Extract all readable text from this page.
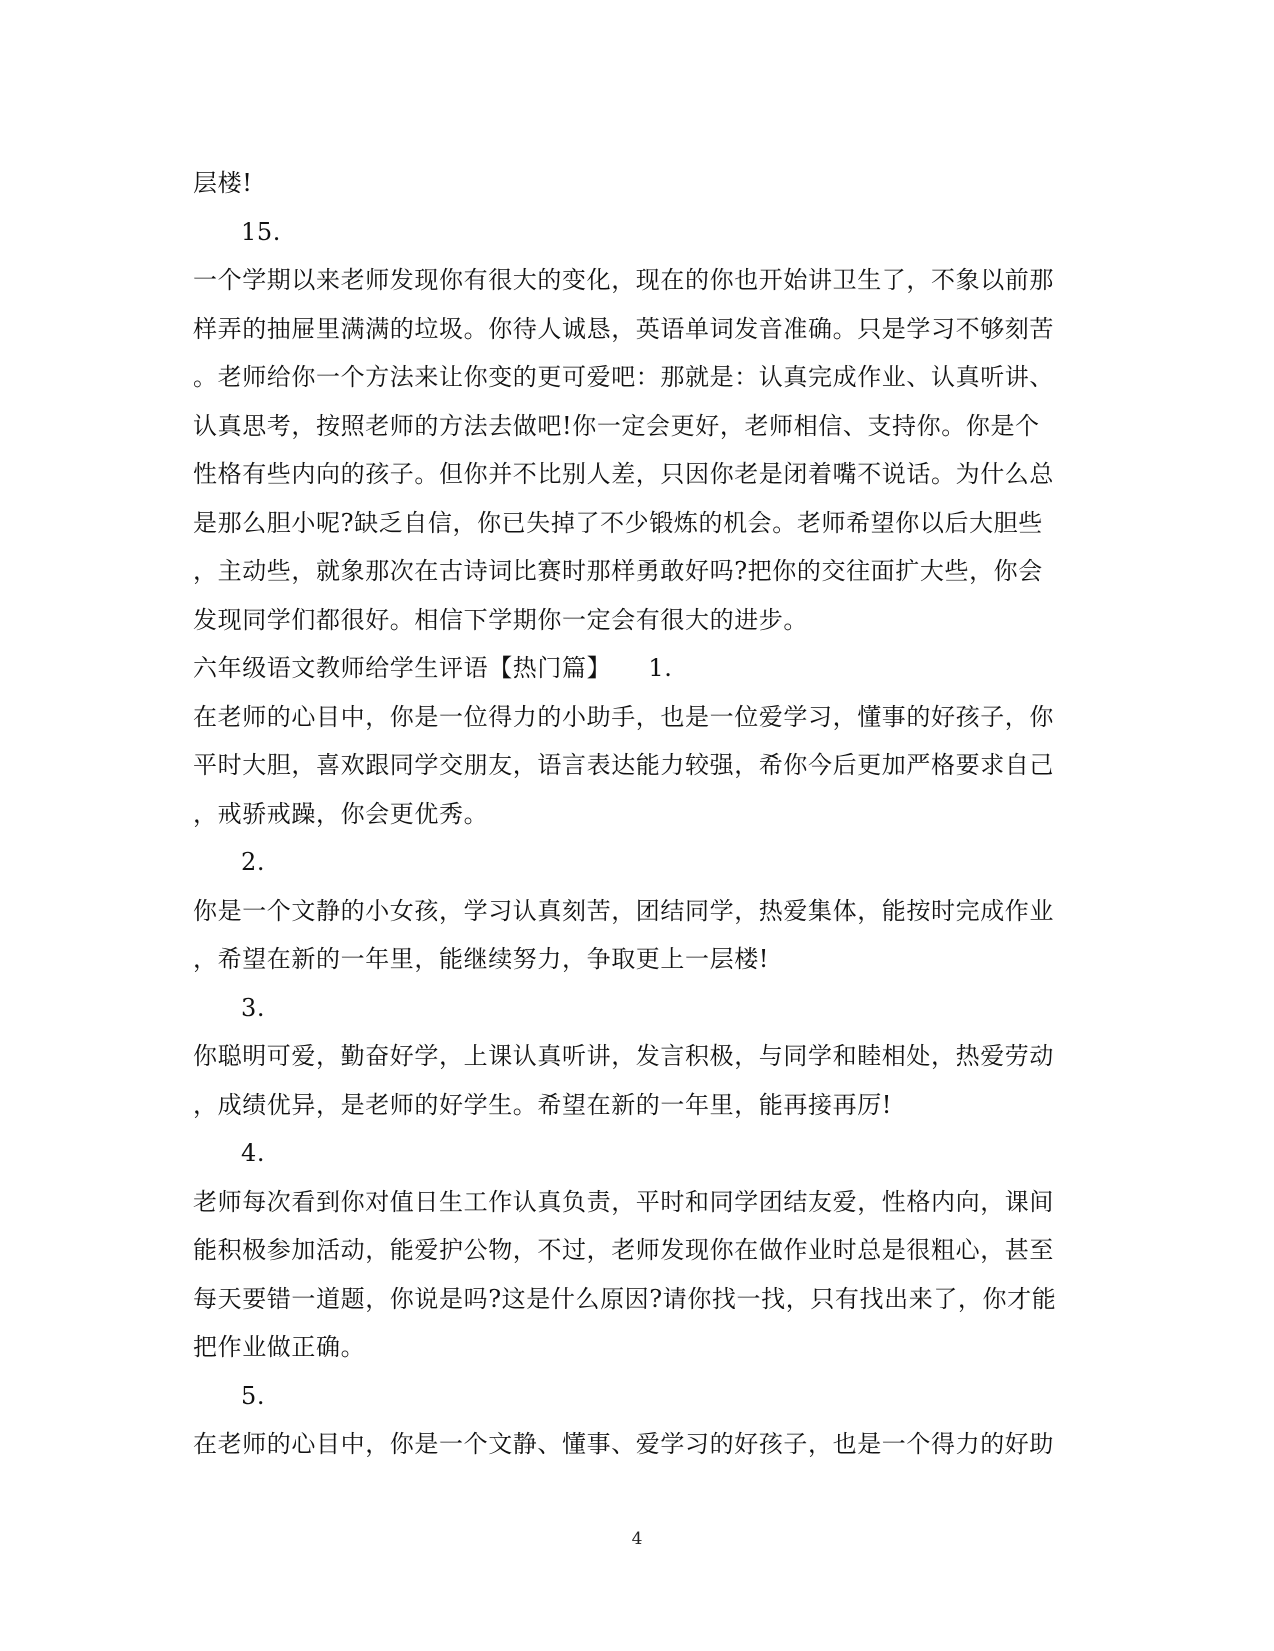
层楼!
15.
一个学期以来老师发现你有很大的变化，现在的你也开始讲卫生了，不象以前那
样弄的抽屉里满满的垃圾。你待人诚恳，英语单词发音准确。只是学习不够刻苦
。老师给你一个方法来让你变的更可爱吧：那就是：认真完成作业、认真听讲、
认真思考，按照老师的方法去做吧!你一定会更好，老师相信、支持你。你是个
性格有些内向的孩子。但你并不比别人差，只因你老是闭着嘴不说话。为什么总
是那么胆小呢?缺乏自信，你已失掉了不少锻炼的机会。老师希望你以后大胆些
，主动些，就象那次在古诗词比赛时那样勇敢好吗?把你的交往面扩大些，你会
发现同学们都很好。相信下学期你一定会有很大的进步。
六年级语文教师给学生评语【热门篇】　　1.
在老师的心目中，你是一位得力的小助手，也是一位爱学习，懂事的好孩子，你
平时大胆，喜欢跟同学交朋友，语言表达能力较强，希你今后更加严格要求自己
，戒骄戒躁，你会更优秀。
2.
你是一个文静的小女孩，学习认真刻苦，团结同学，热爱集体，能按时完成作业
，希望在新的一年里，能继续努力，争取更上一层楼!
3.
你聪明可爱，勤奋好学，上课认真听讲，发言积极，与同学和睦相处，热爱劳动
，成绩优异，是老师的好学生。希望在新的一年里，能再接再厉!
4.
老师每次看到你对值日生工作认真负责，平时和同学团结友爱，性格内向，课间
能积极参加活动，能爱护公物，不过，老师发现你在做作业时总是很粗心，甚至
每天要错一道题，你说是吗?这是什么原因?请你找一找，只有找出来了，你才能
把作业做正确。
5.
在老师的心目中，你是一个文静、懂事、爱学习的好孩子，也是一个得力的好助
4
